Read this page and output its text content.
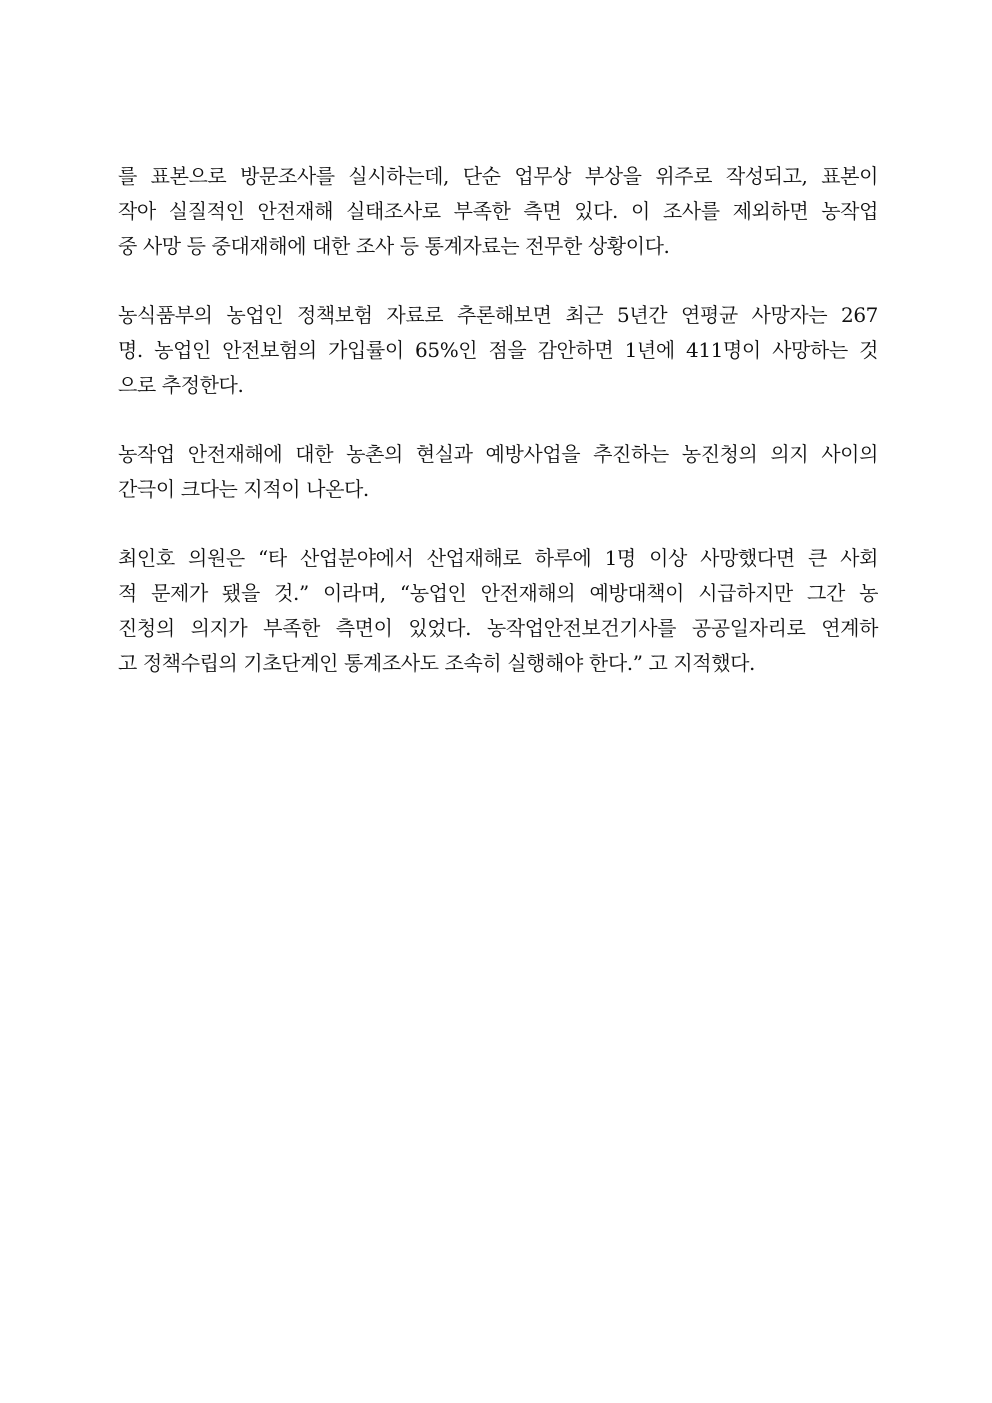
를 표본으로 방문조사를 실시하는데, 단순 업무상 부상을 위주로 작성되고, 표본이
작아 실질적인 안전재해 실태조사로 부족한 측면 있다. 이 조사를 제외하면 농작업
중 사망 등 중대재해에 대한 조사 등 통계자료는 전무한 상황이다.
농식품부의 농업인 정책보험 자료로 추론해보면 최근 5년간 연평균 사망자는 267
명. 농업인 안전보험의 가입률이 65%인 점을 감안하면 1년에 411명이 사망하는 것
으로 추정한다.
농작업 안전재해에 대한 농촌의 현실과 예방사업을 추진하는 농진청의 의지 사이의
간극이 크다는 지적이 나온다.
최인호 의원은 “타 산업분야에서 산업재해로 하루에 1명 이상 사망했다면 큰 사회
적 문제가 됐을 것.” 이라며, “농업인 안전재해의 예방대책이 시급하지만 그간 농
진청의 의지가 부족한 측면이 있었다. 농작업안전보건기사를 공공일자리로 연계하
고 정책수립의 기초단계인 통계조사도 조속히 실행해야 한다.” 고 지적했다.
